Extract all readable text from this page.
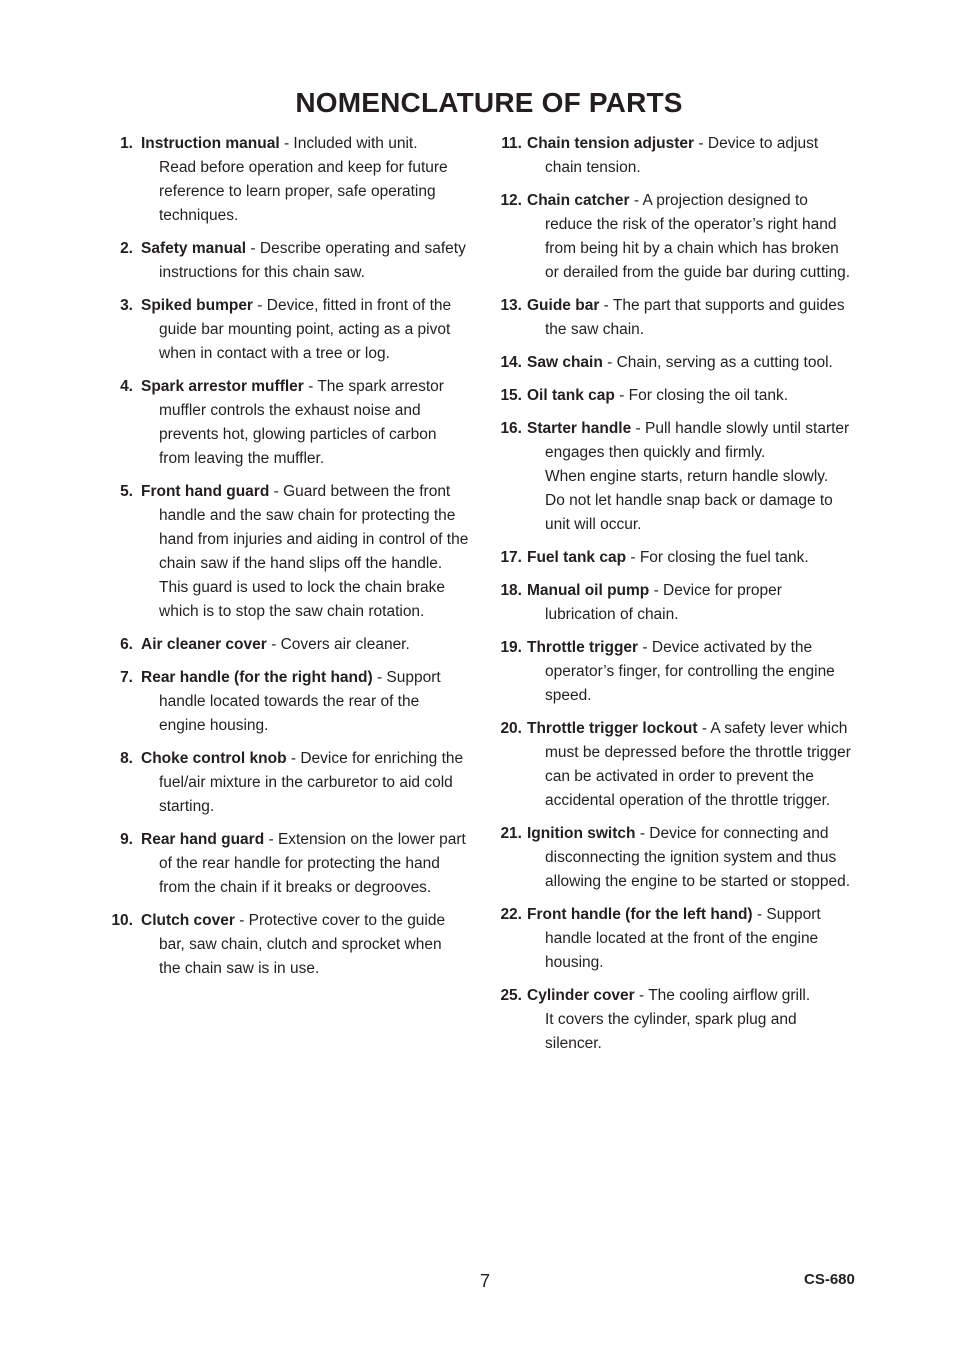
NOMENCLATURE OF PARTS
1. Instruction manual - Included with unit.
Read before operation and keep for future
reference to learn proper, safe operating
techniques.
2. Safety manual - Describe operating and safety
instructions for this chain saw.
3. Spiked bumper - Device, fitted in front of the
guide bar mounting point, acting as a pivot
when in contact with a tree or log.
4. Spark arrestor muffler - The spark arrestor
muffler controls the exhaust noise and
prevents hot, glowing particles of carbon
from leaving the muffler.
5. Front hand guard - Guard between the front
handle and the saw chain for protecting the
hand from injuries and aiding in control of the
chain saw if the hand slips off the handle.
This guard is used to lock the chain brake
which is to stop the saw chain rotation.
6. Air cleaner cover - Covers air cleaner.
7. Rear handle (for the right hand) - Support
handle located towards the rear of the
engine housing.
8. Choke control knob - Device for enriching the
fuel/air mixture in the carburetor to aid cold
starting.
9. Rear hand guard - Extension on the lower part
of the rear handle for protecting the hand
from the chain if it breaks or degrooves.
10. Clutch cover - Protective cover to the guide
bar, saw chain, clutch and sprocket when
the chain saw is in use.
11. Chain tension adjuster - Device to adjust
chain tension.
12. Chain catcher - A projection designed to
reduce the risk of the operator’s right hand
from being hit by a chain which has broken
or derailed from the guide bar during cutting.
13. Guide bar - The part that supports and guides
the saw chain.
14. Saw chain - Chain, serving as a cutting tool.
15. Oil tank cap - For closing the oil tank.
16. Starter handle - Pull handle slowly until starter
engages then quickly and firmly.
When engine starts, return handle slowly.
Do not let handle snap back or damage to
unit will occur.
17. Fuel tank cap - For closing the fuel tank.
18. Manual oil pump - Device for proper
lubrication of chain.
19. Throttle trigger - Device activated by the
operator’s finger, for controlling the engine
speed.
20. Throttle trigger lockout - A safety lever which
must be depressed before the throttle trigger
can be activated in order to prevent the
accidental operation of the throttle trigger.
21. Ignition switch - Device for connecting and
disconnecting the ignition system and thus
allowing the engine to be started or stopped.
22. Front handle (for the left hand) - Support
handle located at the front of the engine
housing.
25. Cylinder cover - The cooling airflow grill.
It covers the cylinder, spark plug and
silencer.
7	CS-680
